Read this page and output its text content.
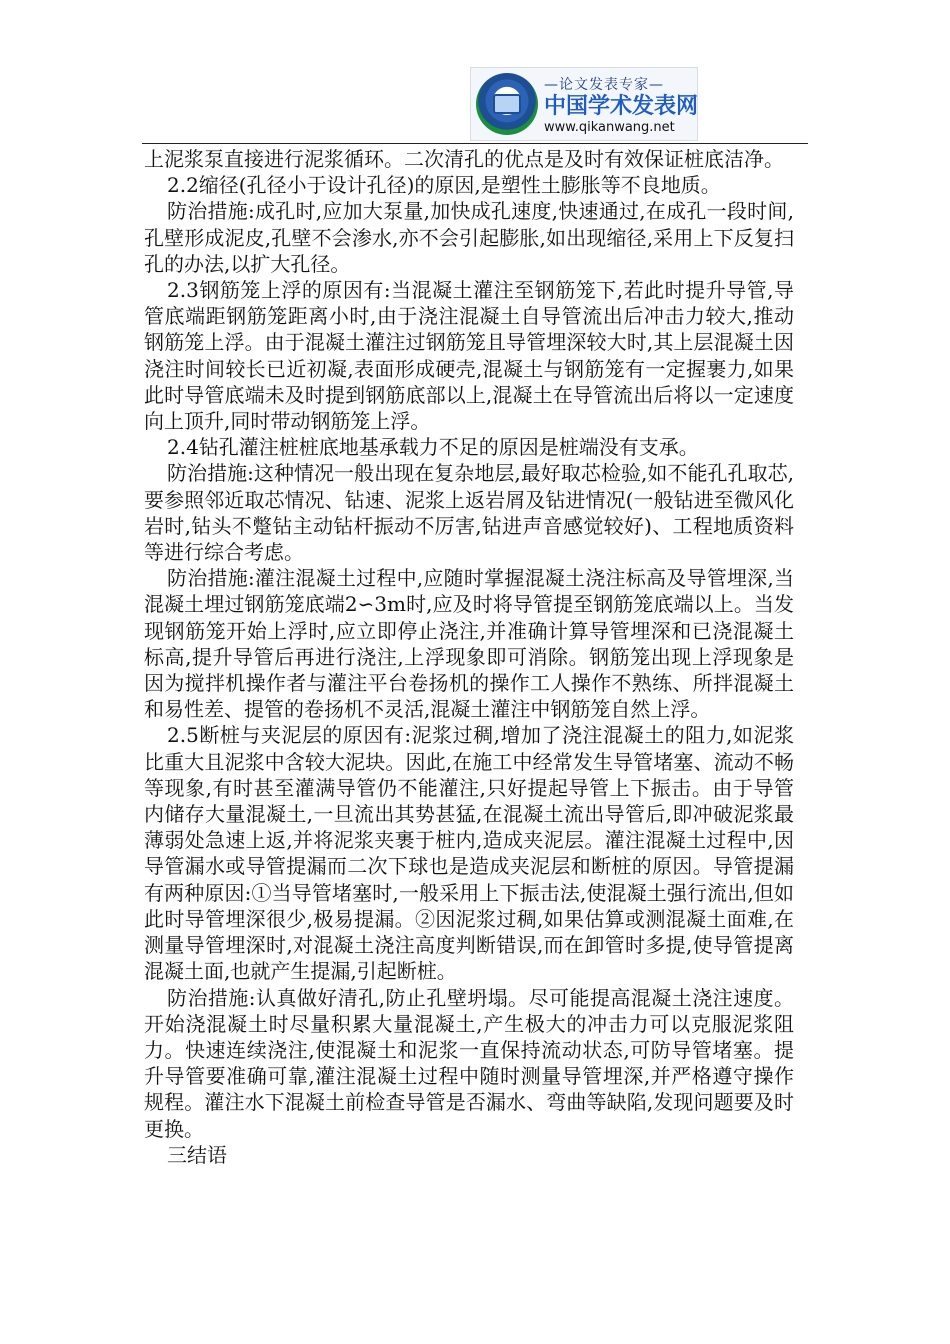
—论文发表专家—
中国学术发表网
www.qikanwang.net

上泥浆泵直接进行泥浆循环。二次清孔的优点是及时有效保证桩底洁净。

2.2缩径(孔径小于设计孔径)的原因,是塑性土膨胀等不良地质。

防治措施:成孔时,应加大泵量,加快成孔速度,快速通过,在成孔一段时间,孔壁形成泥皮,孔壁不会渗水,亦不会引起膨胀,如出现缩径,采用上下反复扫孔的办法,以扩大孔径。

2.3钢筋笼上浮的原因有:当混凝土灌注至钢筋笼下,若此时提升导管,导管底端距钢筋笼距离小时,由于浇注混凝土自导管流出后冲击力较大,推动钢筋笼上浮。由于混凝土灌注过钢筋笼且导管埋深较大时,其上层混凝土因浇注时间较长已近初凝,表面形成硬壳,混凝土与钢筋笼有一定握裹力,如果此时导管底端未及时提到钢筋底部以上,混凝土在导管流出后将以一定速度向上顶升,同时带动钢筋笼上浮。

2.4钻孔灌注桩桩底地基承载力不足的原因是桩端没有支承。

防治措施:这种情况一般出现在复杂地层,最好取芯检验,如不能孔孔取芯,要参照邻近取芯情况、钻速、泥浆上返岩屑及钻进情况(一般钻进至微风化岩时,钻头不蹩钻主动钻杆振动不厉害,钻进声音感觉较好)、工程地质资料等进行综合考虑。

防治措施:灌注混凝土过程中,应随时掌握混凝土浇注标高及导管埋深,当混凝土埋过钢筋笼底端2∽3m时,应及时将导管提至钢筋笼底端以上。当发现钢筋笼开始上浮时,应立即停止浇注,并准确计算导管埋深和已浇混凝土标高,提升导管后再进行浇注,上浮现象即可消除。钢筋笼出现上浮现象是因为搅拌机操作者与灌注平台卷扬机的操作工人操作不熟练、所拌混凝土和易性差、提管的卷扬机不灵活,混凝土灌注中钢筋笼自然上浮。

2.5断桩与夹泥层的原因有:泥浆过稠,增加了浇注混凝土的阻力,如泥浆比重大且泥浆中含较大泥块。因此,在施工中经常发生导管堵塞、流动不畅等现象,有时甚至灌满导管仍不能灌注,只好提起导管上下振击。由于导管内储存大量混凝土,一旦流出其势甚猛,在混凝土流出导管后,即冲破泥浆最薄弱处急速上返,并将泥浆夹裹于桩内,造成夹泥层。灌注混凝土过程中,因导管漏水或导管提漏而二次下球也是造成夹泥层和断桩的原因。导管提漏有两种原因:①当导管堵塞时,一般采用上下振击法,使混凝土强行流出,但如此时导管埋深很少,极易提漏。②因泥浆过稠,如果估算或测混凝土面难,在测量导管埋深时,对混凝土浇注高度判断错误,而在卸管时多提,使导管提离混凝土面,也就产生提漏,引起断桩。

防治措施:认真做好清孔,防止孔壁坍塌。尽可能提高混凝土浇注速度。开始浇混凝土时尽量积累大量混凝土,产生极大的冲击力可以克服泥浆阻力。快速连续浇注,使混凝土和泥浆一直保持流动状态,可防导管堵塞。提升导管要准确可靠,灌注混凝土过程中随时测量导管埋深,并严格遵守操作规程。灌注水下混凝土前检查导管是否漏水、弯曲等缺陷,发现问题要及时更换。

三结语
